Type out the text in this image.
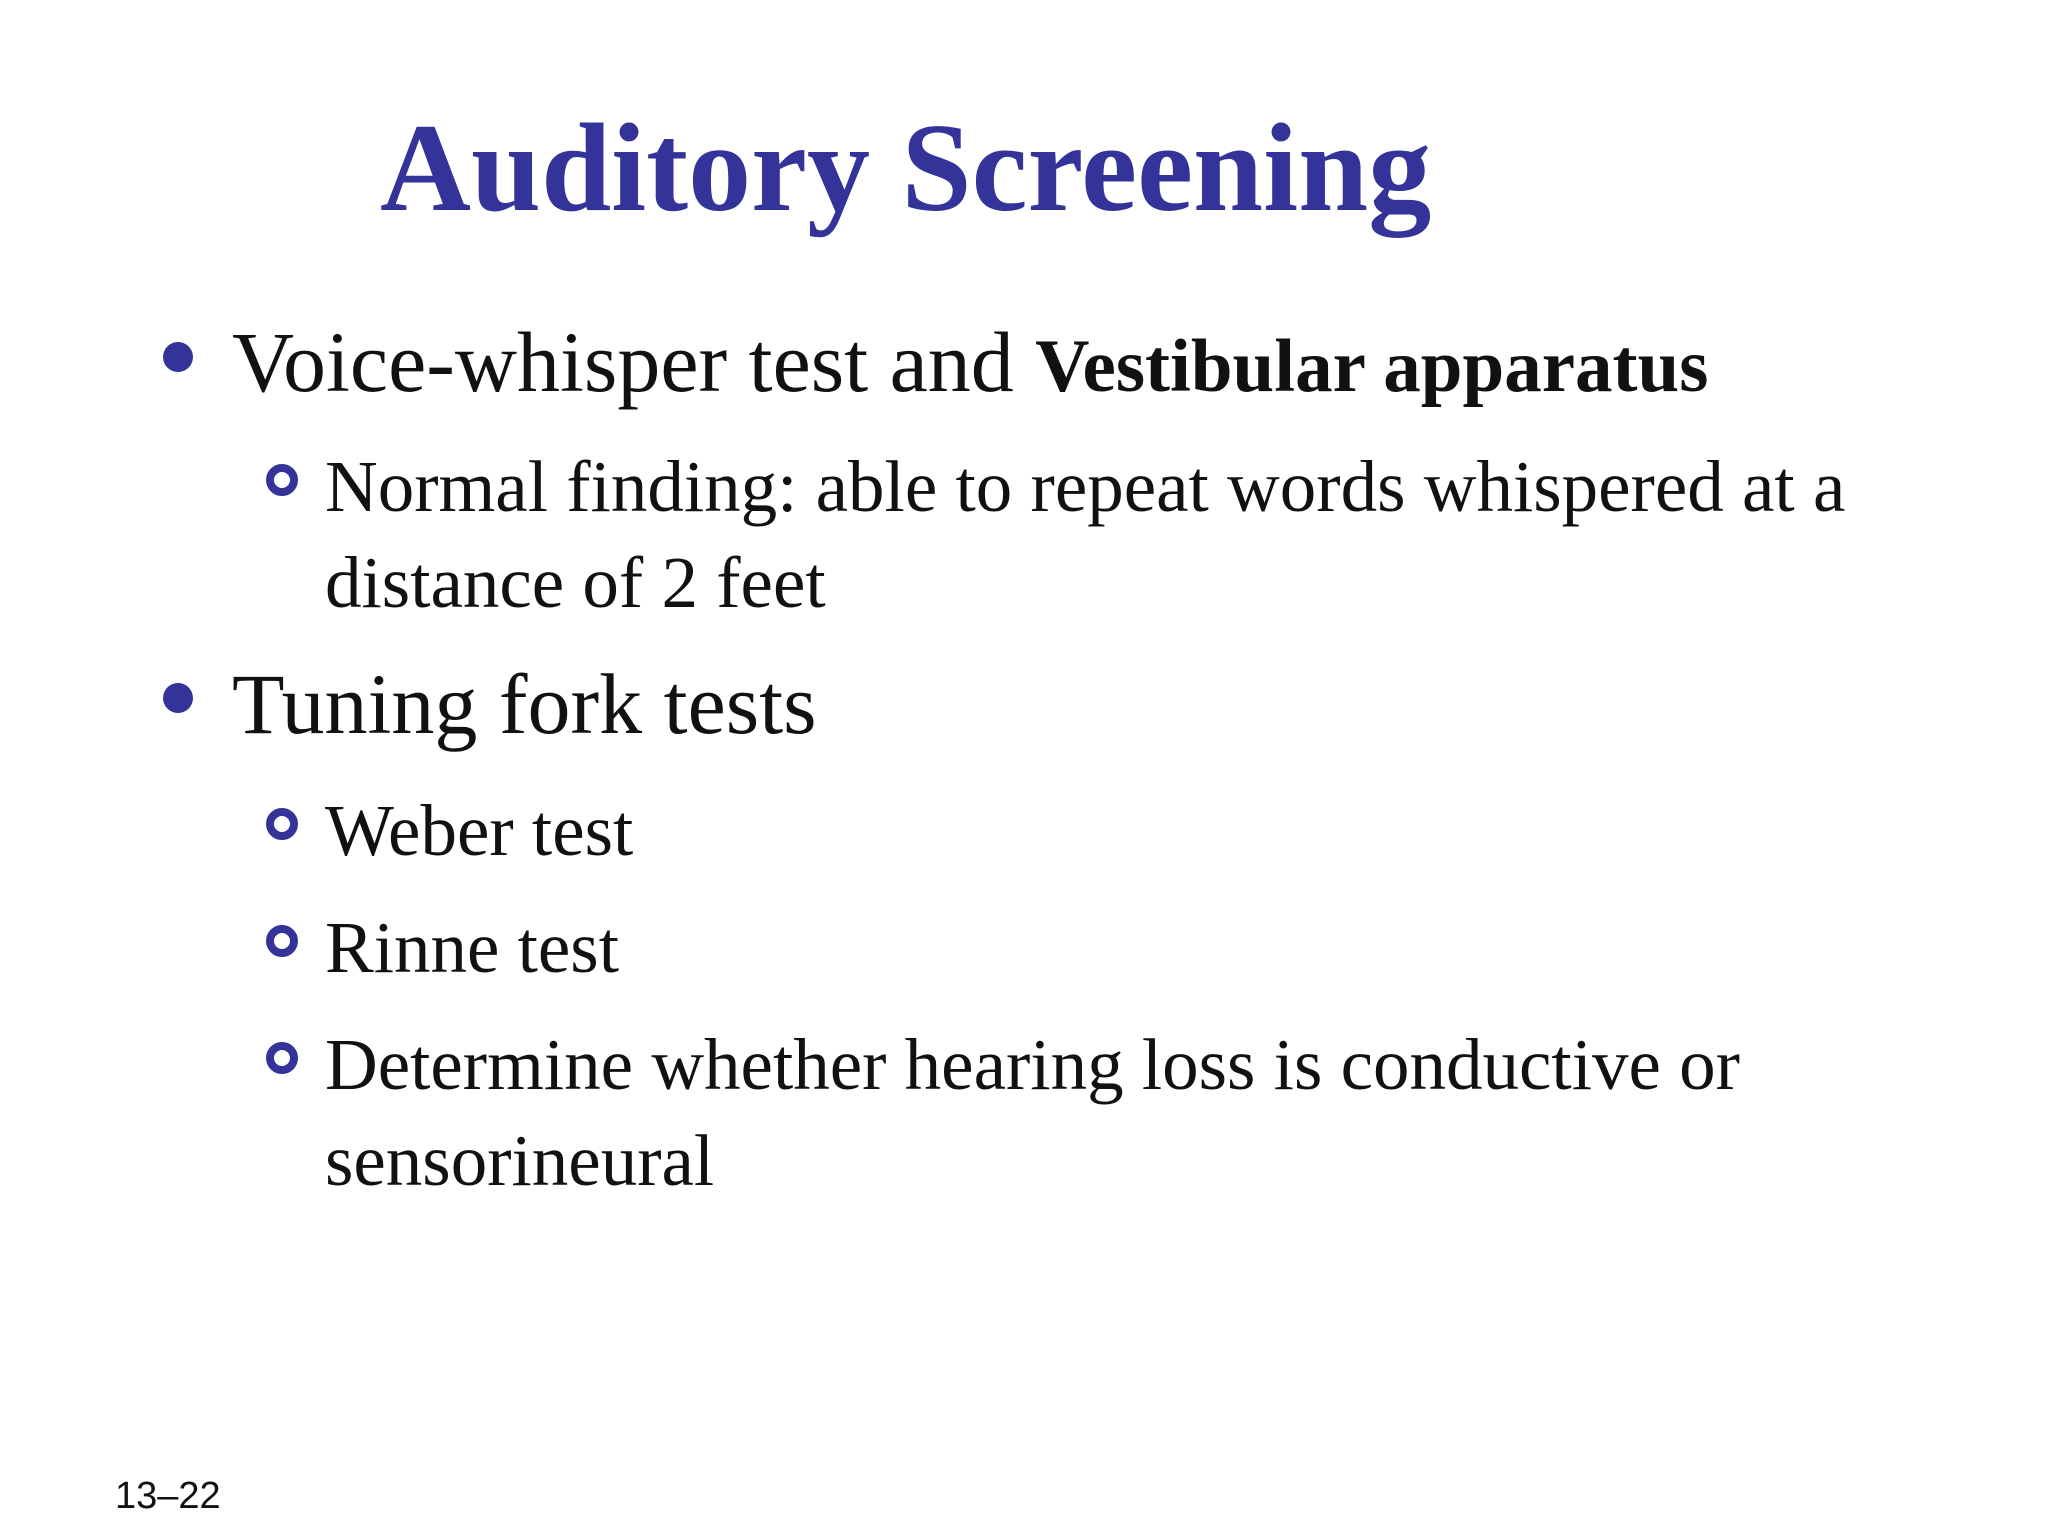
Auditory Screening
Voice-whisper test and Vestibular apparatus
Normal finding: able to repeat words whispered at a distance of 2 feet
Tuning fork tests
Weber test
Rinne test
Determine whether hearing loss is conductive or sensorineural
13–22
